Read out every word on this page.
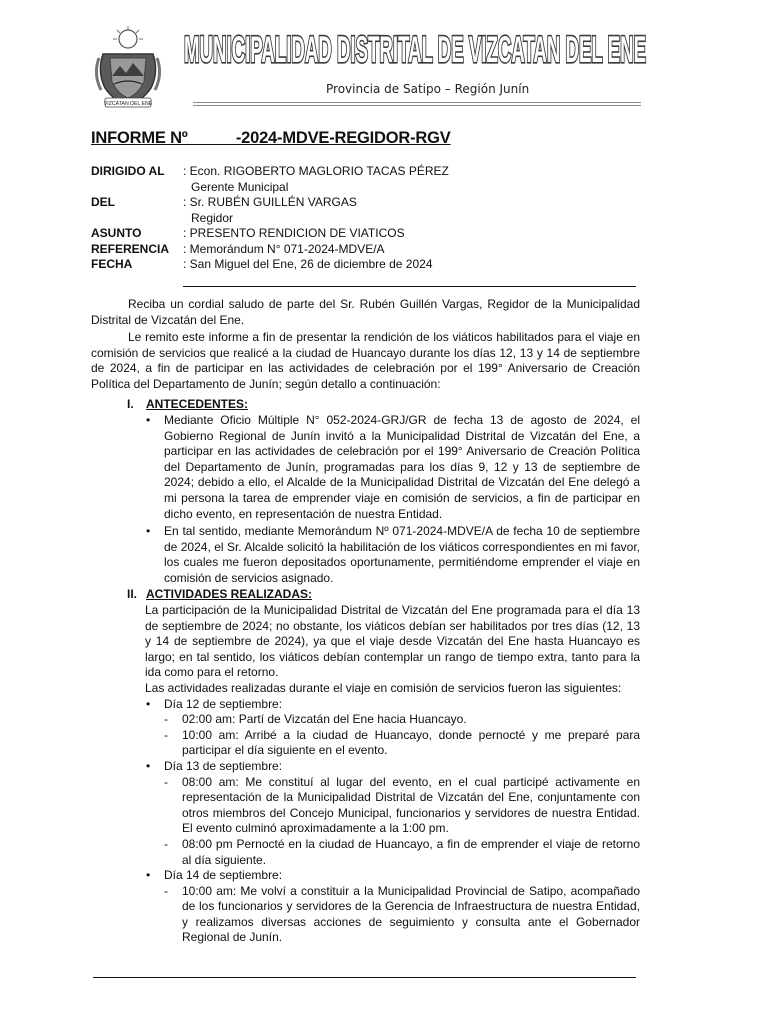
VIZCATAN DEL ENE
MUNICIPALIDAD DISTRITAL DE VIZCATAN DEL ENE
Provincia de Satipo – Región Junín
INFORME Nº           -2024-MDVE-REGIDOR-RGV
DIRIGIDO AL	: Econ. RIGOBERTO MAGLORIO TACAS PÉREZ
Gerente Municipal
DEL	: Sr. RUBÉN GUILLÉN VARGAS
Regidor
ASUNTO	: PRESENTO RENDICION DE VIATICOS
REFERENCIA	: Memorándum N° 071-2024-MDVE/A
FECHA	: San Miguel del Ene, 26 de diciembre de 2024

Reciba un cordial saludo de parte del Sr. Rubén Guillén Vargas, Regidor de la Municipalidad Distrital de Vizcatán del Ene.

Le remito este informe a fin de presentar la rendición de los viáticos habilitados para el viaje en comisión de servicios que realicé a la ciudad de Huancayo durante los días 12, 13 y 14 de septiembre de 2024, a fin de participar en las actividades de celebración por el 199° Aniversario de Creación Política del Departamento de Junín; según detallo a continuación:

I.	ANTECEDENTES:

• Mediante Oficio Múltiple N° 052-2024-GRJ/GR de fecha 13 de agosto de 2024, el Gobierno Regional de Junín invitó a la Municipalidad Distrital de Vizcatán del Ene, a participar en las actividades de celebración por el 199° Aniversario de Creación Política del Departamento de Junín, programadas para los días 9, 12 y 13 de septiembre de 2024; debido a ello, el Alcalde de la Municipalidad Distrital de Vizcatán del Ene delegó a mi persona la tarea de emprender viaje en comisión de servicios, a fin de participar en dicho evento, en representación de nuestra Entidad.

• En tal sentido, mediante Memorándum Nº 071-2024-MDVE/A de fecha 10 de septiembre de 2024, el Sr. Alcalde solicitó la habilitación de los viáticos correspondientes en mi favor, los cuales me fueron depositados oportunamente, permitiéndome emprender el viaje en comisión de servicios asignado.

II. ACTIVIDADES REALIZADAS:

La participación de la Municipalidad Distrital de Vizcatán del Ene programada para el día 13 de septiembre de 2024; no obstante, los viáticos debían ser habilitados por tres días (12, 13 y 14 de septiembre de 2024), ya que el viaje desde Vizcatán del Ene hasta Huancayo es largo; en tal sentido, los viáticos debían contemplar un rango de tiempo extra, tanto para la ida como para el retorno.

Las actividades realizadas durante el viaje en comisión de servicios fueron las siguientes:

• Día 12 de septiembre:

- 02:00 am: Partí de Vizcatán del Ene hacia Huancayo.

- 10:00 am: Arribé a la ciudad de Huancayo, donde pernocté y me preparé para participar el día siguiente en el evento.

• Día 13 de septiembre:

- 08:00 am: Me constituí al lugar del evento, en el cual participé activamente en representación de la Municipalidad Distrital de Vizcatán del Ene, conjuntamente con otros miembros del Concejo Municipal, funcionarios y servidores de nuestra Entidad. El evento culminó aproximadamente a la 1:00 pm.

- 08:00 pm Pernocté en la ciudad de Huancayo, a fin de emprender el viaje de retorno al día siguiente.

• Día 14 de septiembre:

- 10:00 am: Me volví a constituir a la Municipalidad Provincial de Satipo, acompañado de los funcionarios y servidores de la Gerencia de Infraestructura de nuestra Entidad, y realizamos diversas acciones de seguimiento y consulta ante el Gobernador Regional de Junín.
